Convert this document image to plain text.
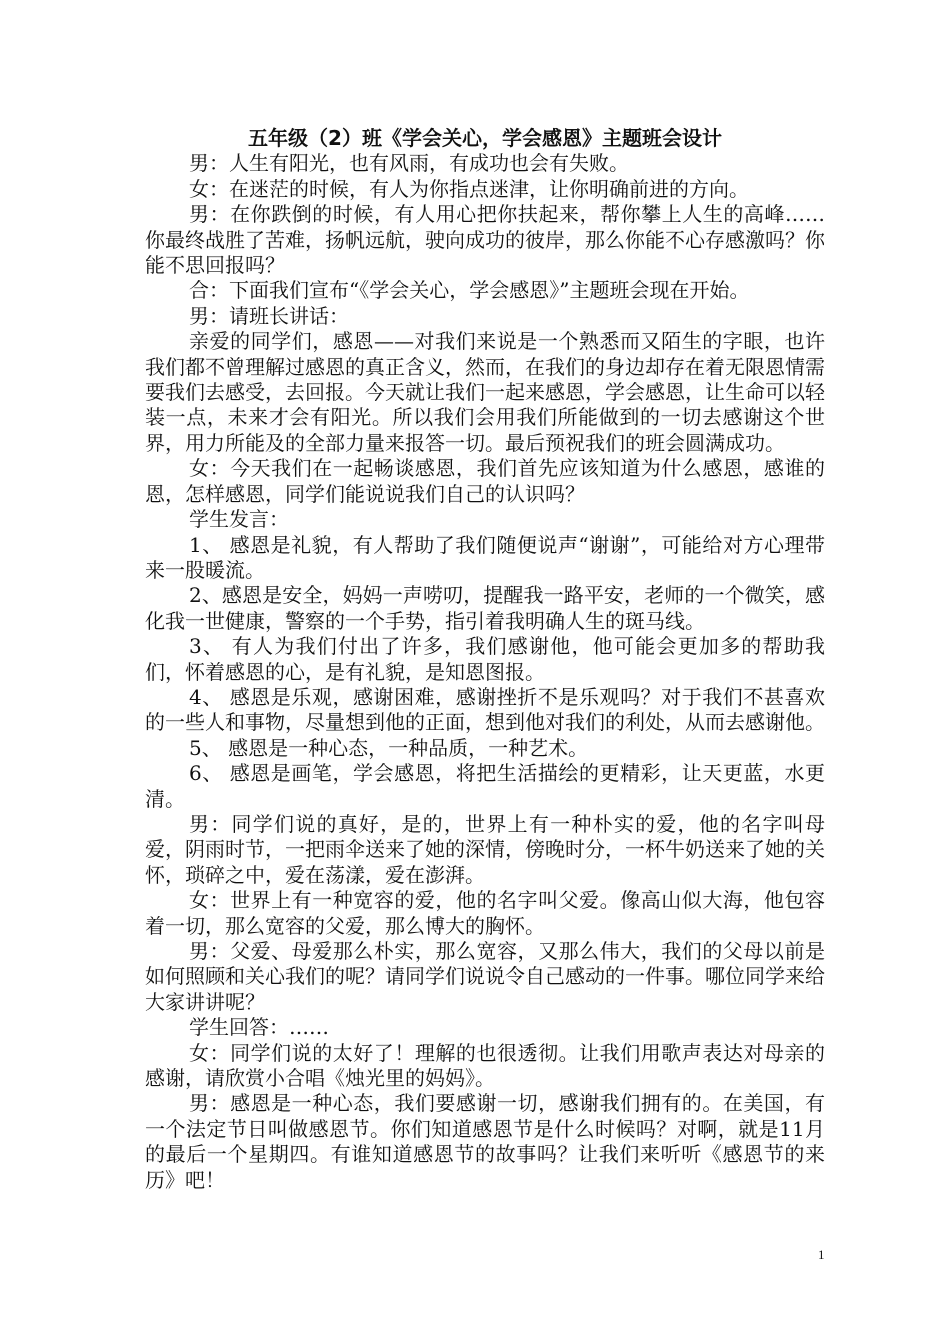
五年级（2）班《学会关心，学会感恩》主题班会设计

男：人生有阳光，也有风雨，有成功也会有失败。

女：在迷茫的时候，有人为你指点迷津，让你明确前进的方向。

男：在你跌倒的时候，有人用心把你扶起来，帮你攀上人生的高峰……你最终战胜了苦难，扬帆远航，驶向成功的彼岸，那么你能不心存感激吗？你能不思回报吗？

合：下面我们宣布“《学会关心，学会感恩》”主题班会现在开始。

男：请班长讲话：

亲爱的同学们，感恩——对我们来说是一个熟悉而又陌生的字眼，也许我们都不曾理解过感恩的真正含义，然而，在我们的身边却存在着无限恩情需要我们去感受，去回报。今天就让我们一起来感恩，学会感恩，让生命可以轻装一点，未来才会有阳光。所以我们会用我们所能做到的一切去感谢这个世界，用力所能及的全部力量来报答一切。最后预祝我们的班会圆满成功。

女：今天我们在一起畅谈感恩，我们首先应该知道为什么感恩，感谁的恩，怎样感恩，同学们能说说我们自己的认识吗？

学生发言：

1、 感恩是礼貌，有人帮助了我们随便说声“谢谢”，可能给对方心理带来一股暖流。

2、感恩是安全，妈妈一声唠叨，提醒我一路平安，老师的一个微笑，感化我一世健康，警察的一个手势，指引着我明确人生的斑马线。

3、 有人为我们付出了许多，我们感谢他，他可能会更加多的帮助我们，怀着感恩的心，是有礼貌，是知恩图报。

4、 感恩是乐观，感谢困难，感谢挫折不是乐观吗？对于我们不甚喜欢的一些人和事物，尽量想到他的正面，想到他对我们的利处，从而去感谢他。

5、 感恩是一种心态，一种品质，一种艺术。

6、 感恩是画笔，学会感恩，将把生活描绘的更精彩，让天更蓝，水更清。

男：同学们说的真好，是的，世界上有一种朴实的爱，他的名字叫母爱，阴雨时节，一把雨伞送来了她的深情，傍晚时分，一杯牛奶送来了她的关怀，琐碎之中，爱在荡漾，爱在澎湃。

女：世界上有一种宽容的爱，他的名字叫父爱。像高山似大海，他包容着一切，那么宽容的父爱，那么博大的胸怀。

男：父爱、母爱那么朴实，那么宽容，又那么伟大，我们的父母以前是如何照顾和关心我们的呢？请同学们说说令自己感动的一件事。哪位同学来给大家讲讲呢？

学生回答：……

女：同学们说的太好了！理解的也很透彻。让我们用歌声表达对母亲的感谢，请欣赏小合唱《烛光里的妈妈》。

男：感恩是一种心态，我们要感谢一切，感谢我们拥有的。在美国，有一个法定节日叫做感恩节。你们知道感恩节是什么时候吗？对啊，就是11月的最后一个星期四。有谁知道感恩节的故事吗？让我们来听听《感恩节的来历》吧！

1
